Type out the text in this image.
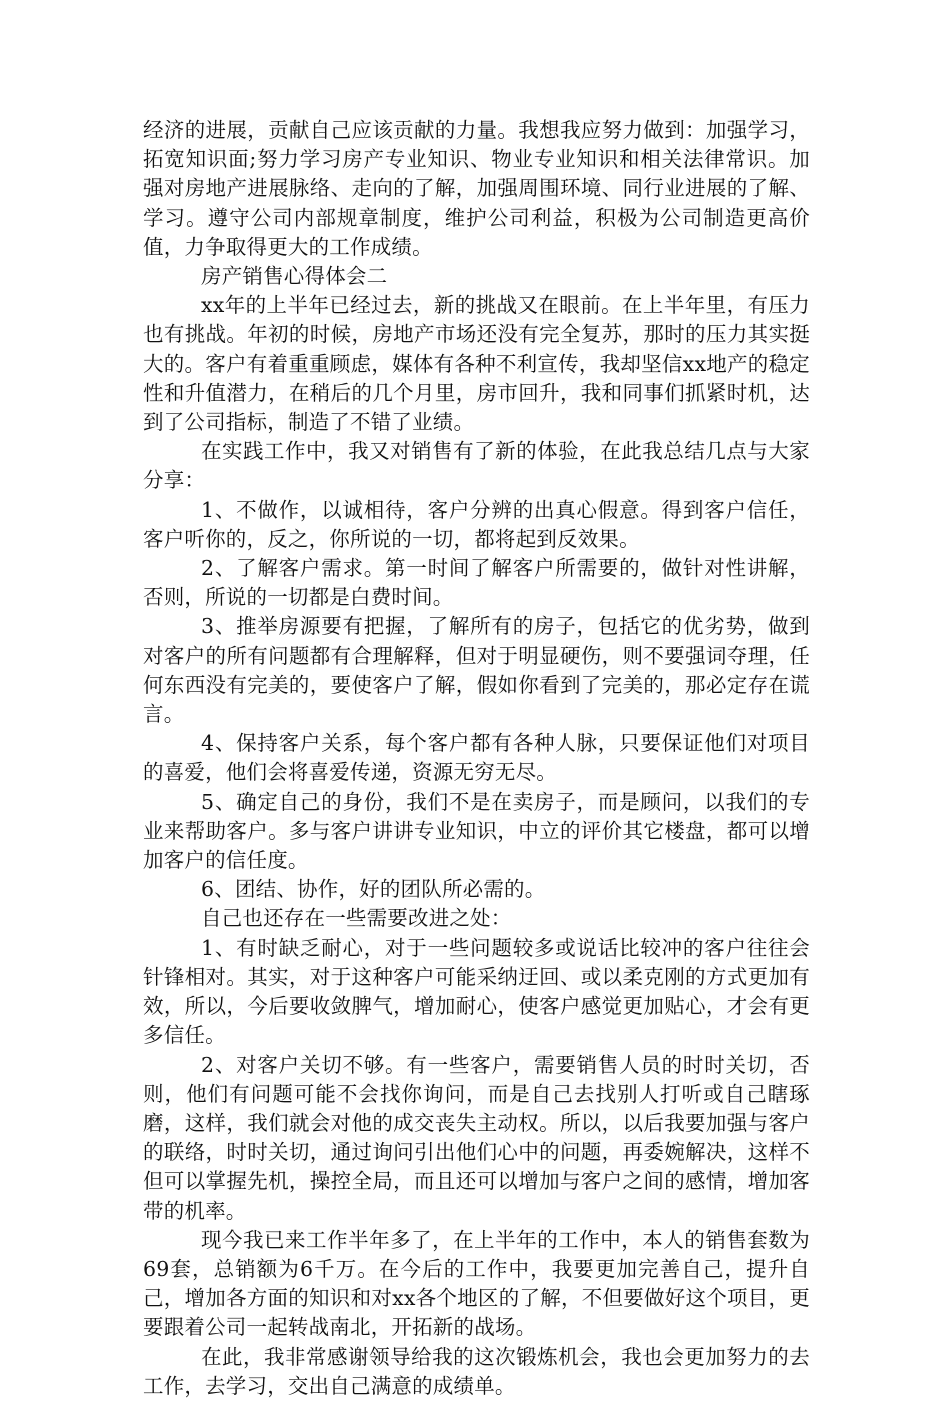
经济的进展，贡献自己应该贡献的力量。我想我应努力做到：加强学习，拓宽知识面;努力学习房产专业知识、物业专业知识和相关法律常识。加强对房地产进展脉络、走向的了解，加强周围环境、同行业进展的了解、学习。遵守公司内部规章制度，维护公司利益，积极为公司制造更高价值，力争取得更大的工作成绩。

房产销售心得体会二

xx年的上半年已经过去，新的挑战又在眼前。在上半年里，有压力也有挑战。年初的时候，房地产市场还没有完全复苏，那时的压力其实挺大的。客户有着重重顾虑，媒体有各种不利宣传，我却坚信xx地产的稳定性和升值潜力，在稍后的几个月里，房市回升，我和同事们抓紧时机，达到了公司指标，制造了不错了业绩。

在实践工作中，我又对销售有了新的体验，在此我总结几点与大家分享：

1、不做作，以诚相待，客户分辨的出真心假意。得到客户信任，客户听你的，反之，你所说的一切，都将起到反效果。

2、了解客户需求。第一时间了解客户所需要的，做针对性讲解，否则，所说的一切都是白费时间。

3、推举房源要有把握，了解所有的房子，包括它的优劣势，做到对客户的所有问题都有合理解释，但对于明显硬伤，则不要强词夺理，任何东西没有完美的，要使客户了解，假如你看到了完美的，那必定存在谎言。

4、保持客户关系，每个客户都有各种人脉，只要保证他们对项目的喜爱，他们会将喜爱传递，资源无穷无尽。

5、确定自己的身份，我们不是在卖房子，而是顾问，以我们的专业来帮助客户。多与客户讲讲专业知识，中立的评价其它楼盘，都可以增加客户的信任度。

6、团结、协作，好的团队所必需的。

自己也还存在一些需要改进之处：

1、有时缺乏耐心，对于一些问题较多或说话比较冲的客户往往会针锋相对。其实，对于这种客户可能采纳迂回、或以柔克刚的方式更加有效，所以，今后要收敛脾气，增加耐心，使客户感觉更加贴心，才会有更多信任。

2、对客户关切不够。有一些客户，需要销售人员的时时关切，否则，他们有问题可能不会找你询问，而是自己去找别人打听或自己瞎琢磨，这样，我们就会对他的成交丧失主动权。所以，以后我要加强与客户的联络，时时关切，通过询问引出他们心中的问题，再委婉解决，这样不但可以掌握先机，操控全局，而且还可以增加与客户之间的感情，增加客带的机率。

现今我已来工作半年多了，在上半年的工作中，本人的销售套数为69套，总销额为6千万。在今后的工作中，我要更加完善自己，提升自己，增加各方面的知识和对xx各个地区的了解，不但要做好这个项目，更要跟着公司一起转战南北，开拓新的战场。

在此，我非常感谢领导给我的这次锻炼机会，我也会更加努力的去工作，去学习，交出自己满意的成绩单。
